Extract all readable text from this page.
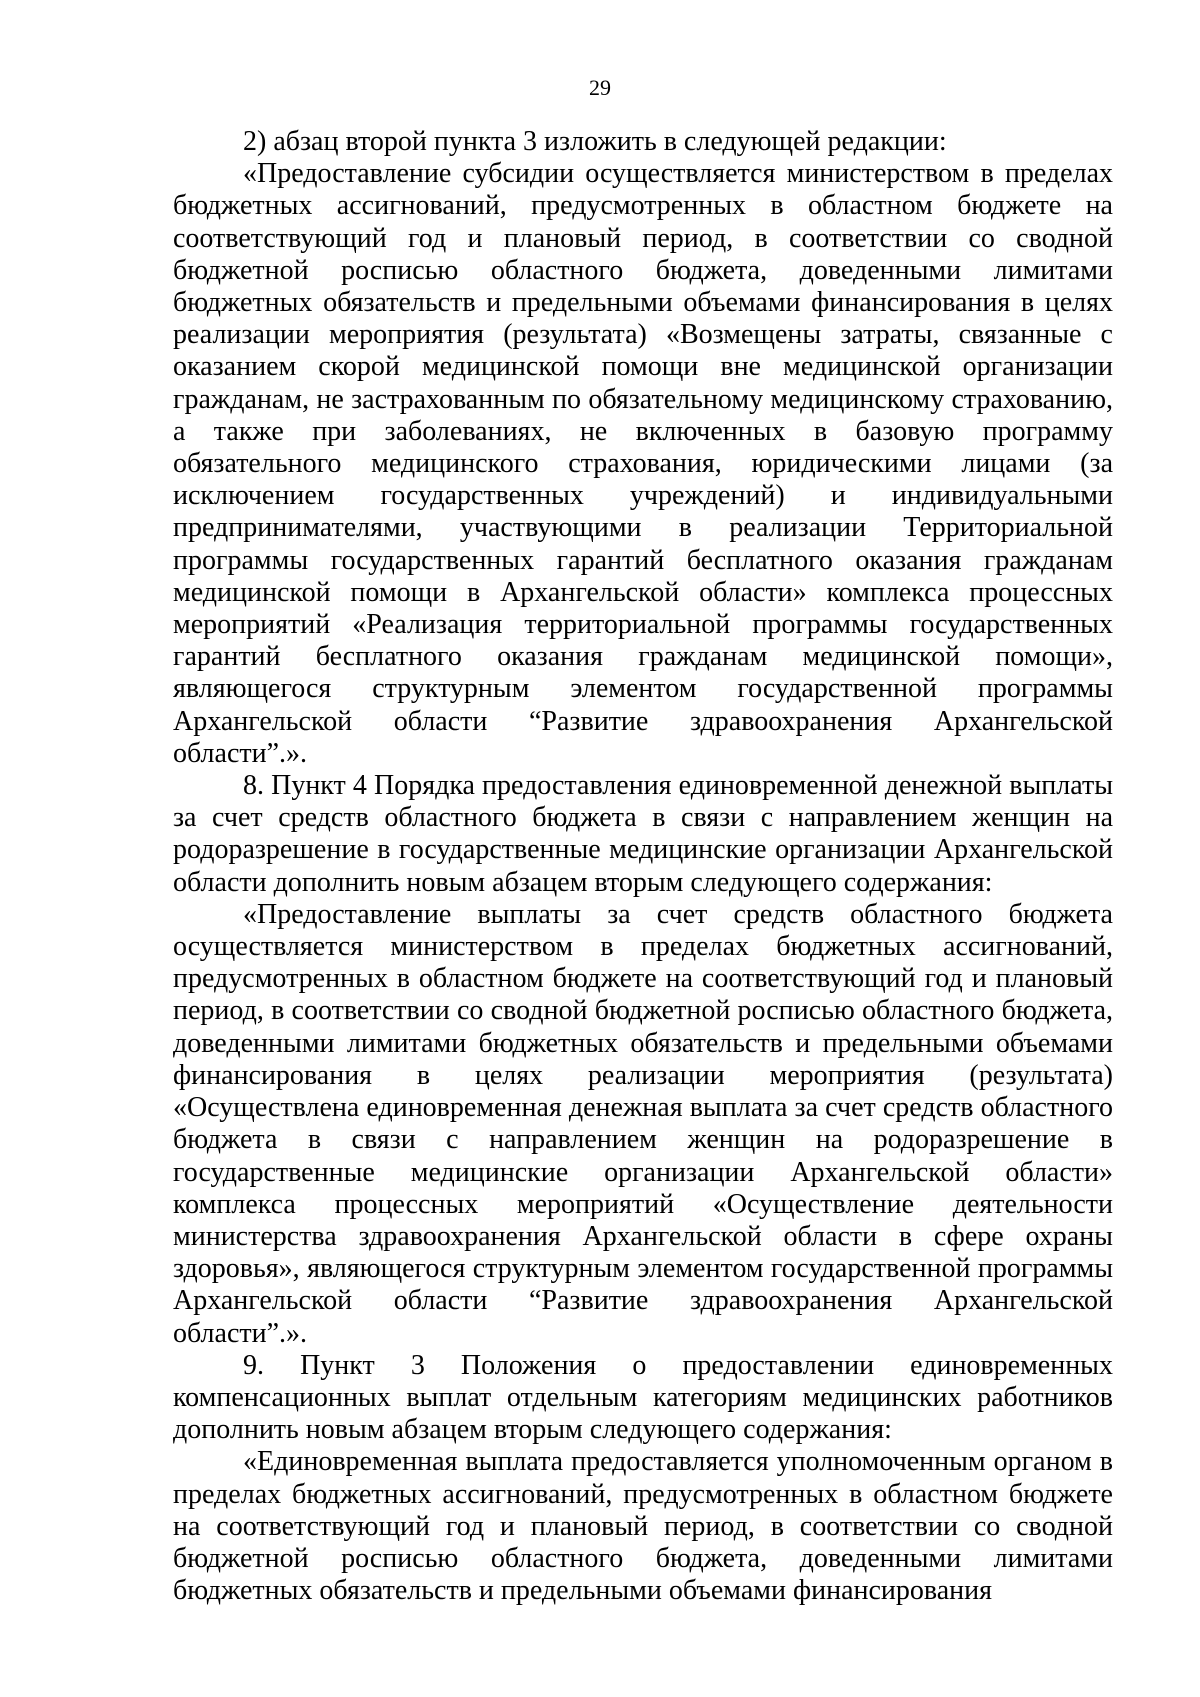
29

2) абзац второй пункта 3 изложить в следующей редакции:

«Предоставление субсидии осуществляется министерством в пределах бюджетных ассигнований, предусмотренных в областном бюджете на соответствующий год и плановый период, в соответствии со сводной бюджетной росписью областного бюджета, доведенными лимитами бюджетных обязательств и предельными объемами финансирования в целях реализации мероприятия (результата) «Возмещены затраты, связанные с оказанием скорой медицинской помощи вне медицинской организации гражданам, не застрахованным по обязательному медицинскому страхованию, а также при заболеваниях, не включенных в базовую программу обязательного медицинского страхования, юридическими лицами (за исключением государственных учреждений) и индивидуальными предпринимателями, участвующими в реализации Территориальной программы государственных гарантий бесплатного оказания гражданам медицинской помощи в Архангельской области» комплекса процессных мероприятий «Реализация территориальной программы государственных гарантий бесплатного оказания гражданам медицинской помощи», являющегося структурным элементом государственной программы Архангельской области “Развитие здравоохранения Архангельской области”.».

8. Пункт 4 Порядка предоставления единовременной денежной выплаты за счет средств областного бюджета в связи с направлением женщин на родоразрешение в государственные медицинские организации Архангельской области дополнить новым абзацем вторым следующего содержания:

«Предоставление выплаты за счет средств областного бюджета осуществляется министерством в пределах бюджетных ассигнований, предусмотренных в областном бюджете на соответствующий год и плановый период, в соответствии со сводной бюджетной росписью областного бюджета, доведенными лимитами бюджетных обязательств и предельными объемами финансирования в целях реализации мероприятия (результата) «Осуществлена единовременная денежная выплата за счет средств областного бюджета в связи с направлением женщин на родоразрешение в государственные медицинские организации Архангельской области» комплекса процессных мероприятий «Осуществление деятельности министерства здравоохранения Архангельской области в сфере охраны здоровья», являющегося структурным элементом государственной программы Архангельской области “Развитие здравоохранения Архангельской области”.».

9. Пункт 3 Положения о предоставлении единовременных компенсационных выплат отдельным категориям медицинских работников дополнить новым абзацем вторым следующего содержания:

«Единовременная выплата предоставляется уполномоченным органом в пределах бюджетных ассигнований, предусмотренных в областном бюджете на соответствующий год и плановый период, в соответствии со сводной бюджетной росписью областного бюджета, доведенными лимитами бюджетных обязательств и предельными объемами финансирования
